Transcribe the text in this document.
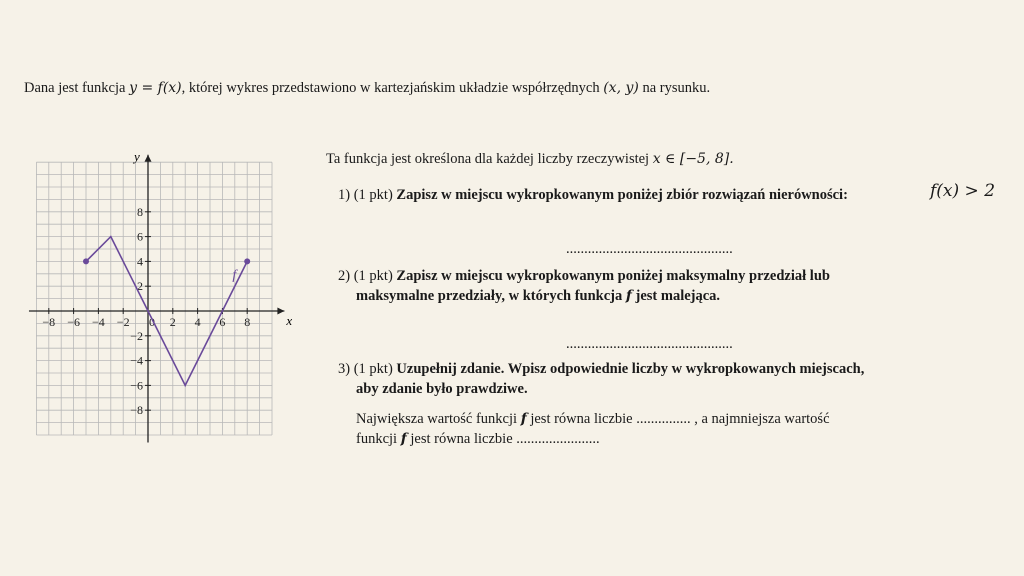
Dana jest funkcja y = f(x), której wykres przedstawiono w kartezjańskim układzie współrzędnych (x, y) na rysunku.
x
y
−8 −6 −4 −2 0 2 4 6 8
8
6
4
2
−2
−4
−6
−8
f
Ta funkcja jest określona dla każdej liczby rzeczywistej x ∈ [−5, 8].
1) (1 pkt) Zapisz w miejscu wykropkowanym poniżej zbiór rozwiązań nierówności:	f(x) > 2
..............................................
2) (1 pkt) Zapisz w miejscu wykropkowanym poniżej maksymalny przedział lub
maksymalne przedziały, w których funkcja f jest malejąca.
..............................................
3) (1 pkt) Uzupełnij zdanie. Wpisz odpowiednie liczby w wykropkowanych miejscach,
aby zdanie było prawdziwe.
Największa wartość funkcji f jest równa liczbie ............... , a najmniejsza wartość
funkcji f jest równa liczbie .......................
